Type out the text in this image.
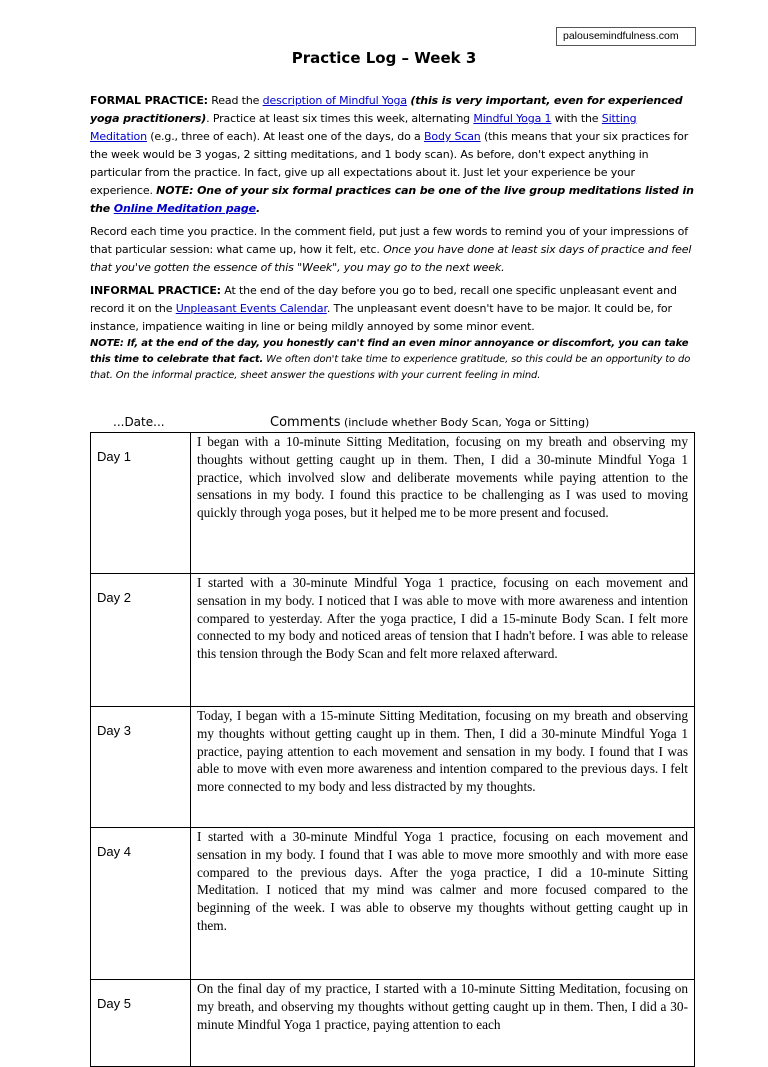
palousemindfulness.com
Practice Log – Week 3

FORMAL PRACTICE: Read the description of Mindful Yoga (this is very important, even for experienced yoga practitioners). Practice at least six times this week, alternating Mindful Yoga 1 with the Sitting Meditation (e.g., three of each). At least one of the days, do a Body Scan (this means that your six practices for the week would be 3 yogas, 2 sitting meditations, and 1 body scan). As before, don't expect anything in particular from the practice. In fact, give up all expectations about it. Just let your experience be your experience. NOTE: One of your six formal practices can be one of the live group meditations listed in the Online Meditation page.

Record each time you practice. In the comment field, put just a few words to remind you of your impressions of that particular session: what came up, how it felt, etc. Once you have done at least six days of practice and feel that you've gotten the essence of this "Week", you may go to the next week.

INFORMAL PRACTICE: At the end of the day before you go to bed, recall one specific unpleasant event and record it on the Unpleasant Events Calendar. The unpleasant event doesn't have to be major. It could be, for instance, impatience waiting in line or being mildly annoyed by some minor event.

NOTE: If, at the end of the day, you honestly can't find an even minor annoyance or discomfort, you can take this time to celebrate that fact. We often don't take time to experience gratitude, so this could be an opportunity to do that. On the informal practice, sheet answer the questions with your current feeling in mind.

...Date...	Comments (include whether Body Scan, Yoga or Sitting)
Day 1	I began with a 10-minute Sitting Meditation, focusing on my breath and observing my thoughts without getting caught up in them. Then, I did a 30-minute Mindful Yoga 1 practice, which involved slow and deliberate movements while paying attention to the sensations in my body. I found this practice to be challenging as I was used to moving quickly through yoga poses, but it helped me to be more present and focused.
Day 2	I started with a 30-minute Mindful Yoga 1 practice, focusing on each movement and sensation in my body. I noticed that I was able to move with more awareness and intention compared to yesterday. After the yoga practice, I did a 15-minute Body Scan. I felt more connected to my body and noticed areas of tension that I hadn't before. I was able to release this tension through the Body Scan and felt more relaxed afterward.
Day 3	Today, I began with a 15-minute Sitting Meditation, focusing on my breath and observing my thoughts without getting caught up in them. Then, I did a 30-minute Mindful Yoga 1 practice, paying attention to each movement and sensation in my body. I found that I was able to move with even more awareness and intention compared to the previous days. I felt more connected to my body and less distracted by my thoughts.
Day 4	I started with a 30-minute Mindful Yoga 1 practice, focusing on each movement and sensation in my body. I found that I was able to move more smoothly and with more ease compared to the previous days. After the yoga practice, I did a 10-minute Sitting Meditation. I noticed that my mind was calmer and more focused compared to the beginning of the week. I was able to observe my thoughts without getting caught up in them.
Day 5	On the final day of my practice, I started with a 10-minute Sitting Meditation, focusing on my breath, and observing my thoughts without getting caught up in them. Then, I did a 30-minute Mindful Yoga 1 practice, paying attention to each
